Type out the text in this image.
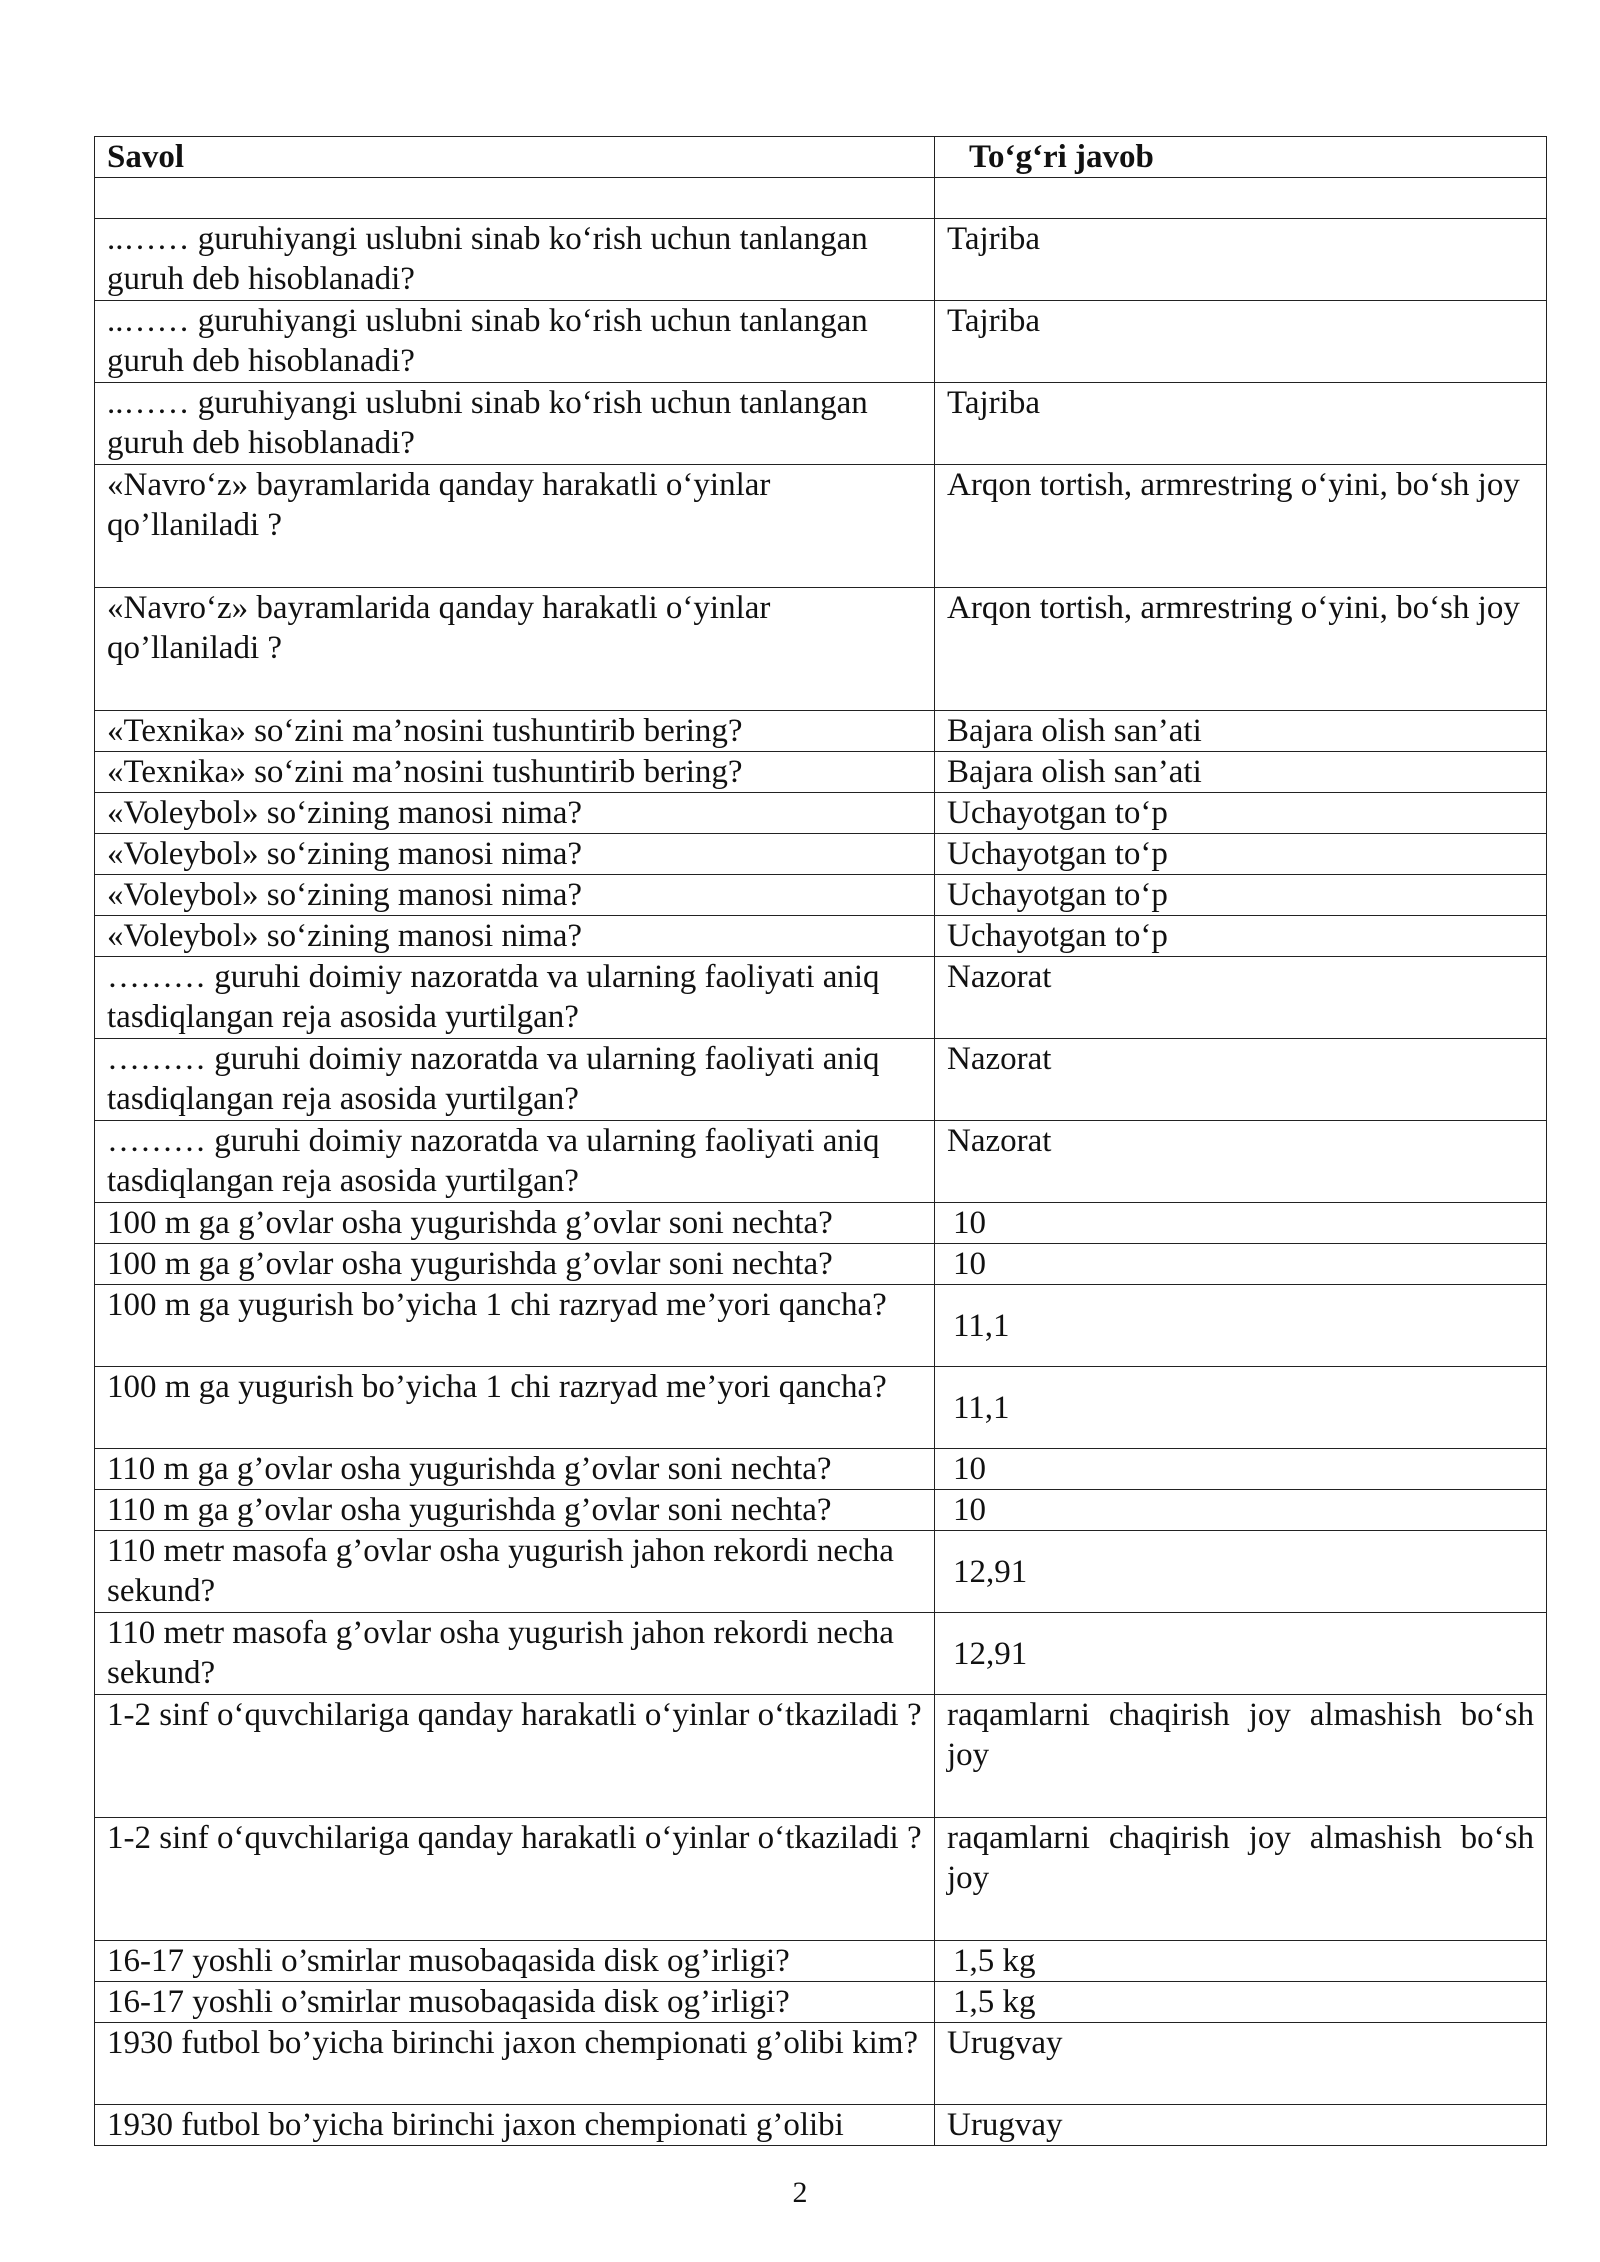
Savol	To‘g‘ri javob

..…… guruhiyangi uslubni sinab ko‘rish uchun tanlangan guruh deb hisoblanadi?	Tajriba
..…… guruhiyangi uslubni sinab ko‘rish uchun tanlangan guruh deb hisoblanadi?	Tajriba
..…… guruhiyangi uslubni sinab ko‘rish uchun tanlangan guruh deb hisoblanadi?	Tajriba
«Navro‘z» bayramlarida qanday harakatli o‘yinlar qo’llaniladi ?	Arqon tortish, armrestring o‘yini, bo‘sh joy
«Navro‘z» bayramlarida qanday harakatli o‘yinlar qo’llaniladi ?	Arqon tortish, armrestring o‘yini, bo‘sh joy
«Texnika» so‘zini ma’nosini tushuntirib bering?	Bajara olish san’ati
«Texnika» so‘zini ma’nosini tushuntirib bering?	Bajara olish san’ati
«Voleybol» so‘zining manosi nima?	Uchayotgan to‘p
«Voleybol» so‘zining manosi nima?	Uchayotgan to‘p
«Voleybol» so‘zining manosi nima?	Uchayotgan to‘p
«Voleybol» so‘zining manosi nima?	Uchayotgan to‘p
……… guruhi doimiy nazoratda va ularning faoliyati aniq tasdiqlangan reja asosida yurtilgan?	Nazorat
……… guruhi doimiy nazoratda va ularning faoliyati aniq tasdiqlangan reja asosida yurtilgan?	Nazorat
……… guruhi doimiy nazoratda va ularning faoliyati aniq tasdiqlangan reja asosida yurtilgan?	Nazorat
100 m ga g’ovlar osha yugurishda g’ovlar soni nechta?	10
100 m ga g’ovlar osha yugurishda g’ovlar soni nechta?	10
100 m ga yugurish bo’yicha 1 chi razryad me’yori qancha?	11,1
100 m ga yugurish bo’yicha 1 chi razryad me’yori qancha?	11,1
110 m ga g’ovlar osha yugurishda g’ovlar soni nechta?	10
110 m ga g’ovlar osha yugurishda g’ovlar soni nechta?	10
110 metr masofa g’ovlar osha yugurish jahon rekordi necha sekund?	12,91
110 metr masofa g’ovlar osha yugurish jahon rekordi necha sekund?	12,91
1-2 sinf o‘quvchilariga qanday harakatli o‘yinlar o‘tkaziladi ?	raqamlarni chaqirish joy almashish bo‘sh joy
1-2 sinf o‘quvchilariga qanday harakatli o‘yinlar o‘tkaziladi ?	raqamlarni chaqirish joy almashish bo‘sh joy
16-17 yoshli o’smirlar musobaqasida disk og’irligi?	1,5 kg
16-17 yoshli o’smirlar musobaqasida disk og’irligi?	1,5 kg
1930 futbol bo’yicha birinchi jaxon chempionati g’olibi kim?	Urugvay
1930 futbol bo’yicha birinchi jaxon chempionati g’olibi	Urugvay
2
